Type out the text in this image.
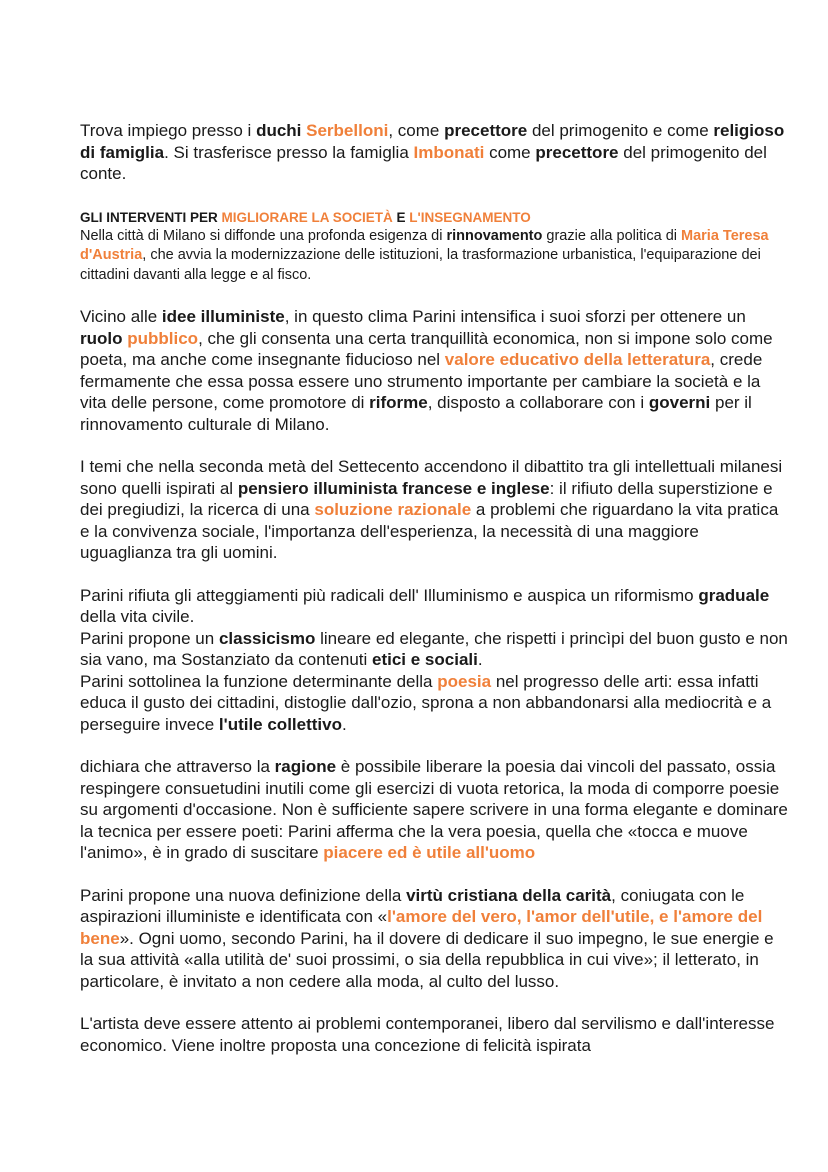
Trova impiego presso i duchi Serbelloni, come precettore del primogenito e come religioso di famiglia. Si trasferisce presso la famiglia Imbonati come precettore del primogenito del conte.

GLI INTERVENTI PER MIGLIORARE LA SOCIETÀ E L'INSEGNAMENTO

Nella città di Milano si diffonde una profonda esigenza di rinnovamento grazie alla politica di Maria Teresa d'Austria, che avvia la modernizzazione delle istituzioni, la trasformazione urbanistica, l'equiparazione dei cittadini davanti alla legge e al fisco.

Vicino alle idee illuministe, in questo clima Parini intensifica i suoi sforzi per ottenere un ruolo pubblico, che gli consenta una certa tranquillità economica, non si impone solo come poeta, ma anche come insegnante fiducioso nel valore educativo della letteratura, crede fermamente che essa possa essere uno strumento importante per cambiare la società e la vita delle persone, come promotore di riforme, disposto a collaborare con i governi per il rinnovamento culturale di Milano.

I temi che nella seconda metà del Settecento accendono il dibattito tra gli intellettuali milanesi sono quelli ispirati al pensiero illuminista francese e inglese: il rifiuto della superstizione e dei pregiudizi, la ricerca di una soluzione razionale a problemi che riguardano la vita pratica e la convivenza sociale, l'importanza dell'esperienza, la necessità di una maggiore uguaglianza tra gli uomini.

Parini rifiuta gli atteggiamenti più radicali dell' Illuminismo e auspica un riformismo graduale della vita civile.

Parini propone un classicismo lineare ed elegante, che rispetti i princìpi del buon gusto e non sia vano, ma Sostanziato da contenuti etici e sociali.

Parini sottolinea la funzione determinante della poesia nel progresso delle arti: essa infatti educa il gusto dei cittadini, distoglie dall'ozio, sprona a non abbandonarsi alla mediocrità e a perseguire invece l'utile collettivo.

dichiara che attraverso la ragione è possibile liberare la poesia dai vincoli del passato, ossia respingere consuetudini inutili come gli esercizi di vuota retorica, la moda di comporre poesie su argomenti d'occasione. Non è sufficiente sapere scrivere in una forma elegante e dominare la tecnica per essere poeti: Parini afferma che la vera poesia, quella che «tocca e muove l'animo», è in grado di suscitare piacere ed è utile all'uomo

Parini propone una nuova definizione della virtù cristiana della carità, coniugata con le aspirazioni illuministe e identificata con «l'amore del vero, l'amor dell'utile, e l'amore del bene». Ogni uomo, secondo Parini, ha il dovere di dedicare il suo impegno, le sue energie e la sua attività «alla utilità de' suoi prossimi, o sia della repubblica in cui vive»; il letterato, in particolare, è invitato a non cedere alla moda, al culto del lusso.

L'artista deve essere attento ai problemi contemporanei, libero dal servilismo e dall'interesse economico. Viene inoltre proposta una concezione di felicità ispirata
